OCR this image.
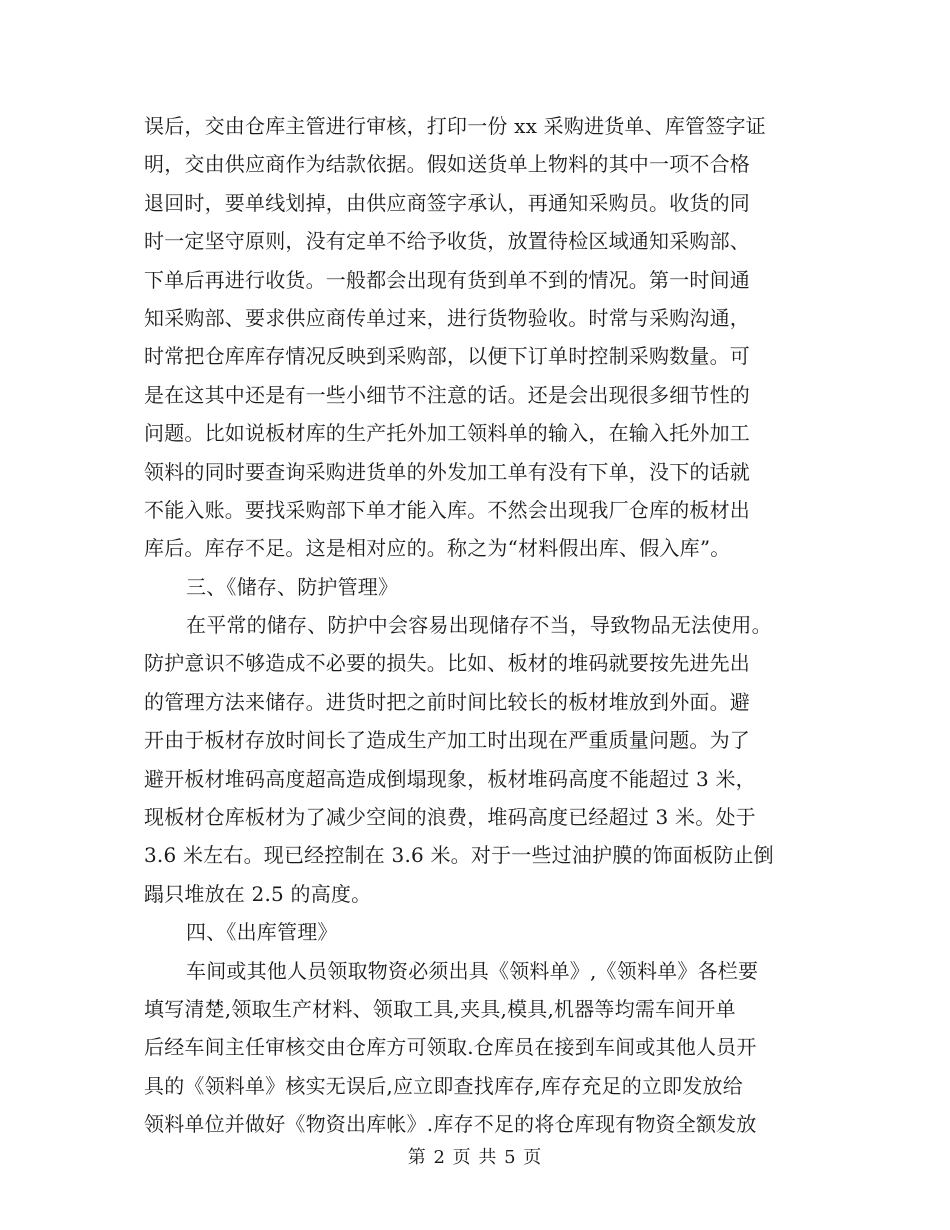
误后，交由仓库主管进行审核，打印一份 xx 采购进货单、库管签字证
明，交由供应商作为结款依据。假如送货单上物料的其中一项不合格
退回时，要单线划掉，由供应商签字承认，再通知采购员。收货的同
时一定坚守原则，没有定单不给予收货，放置待检区域通知采购部、
下单后再进行收货。一般都会出现有货到单不到的情况。第一时间通
知采购部、要求供应商传单过来，进行货物验收。时常与采购沟通，
时常把仓库库存情况反映到采购部，以便下订单时控制采购数量。可
是在这其中还是有一些小细节不注意的话。还是会出现很多细节性的
问题。比如说板材库的生产托外加工领料单的输入，在输入托外加工
领料的同时要查询采购进货单的外发加工单有没有下单，没下的话就
不能入账。要找采购部下单才能入库。不然会出现我厂仓库的板材出
库后。库存不足。这是相对应的。称之为“材料假出库、假入库”。
三、《储存、防护管理》
在平常的储存、防护中会容易出现储存不当，导致物品无法使用。
防护意识不够造成不必要的损失。比如、板材的堆码就要按先进先出
的管理方法来储存。进货时把之前时间比较长的板材堆放到外面。避
开由于板材存放时间长了造成生产加工时出现在严重质量问题。为了
避开板材堆码高度超高造成倒塌现象，板材堆码高度不能超过 3 米，
现板材仓库板材为了减少空间的浪费，堆码高度已经超过 3 米。处于
3.6 米左右。现已经控制在 3.6 米。对于一些过油护膜的饰面板防止倒
蹋只堆放在 2.5 的高度。
四、《出库管理》
车间或其他人员领取物资必须出具《领料单》,《领料单》各栏要
填写清楚,领取生产材料、领取工具,夹具,模具,机器等均需车间开单
后经车间主任审核交由仓库方可领取.仓库员在接到车间或其他人员开
具的《领料单》核实无误后,应立即查找库存,库存充足的立即发放给
领料单位并做好《物资出库帐》.库存不足的将仓库现有物资全额发放
第 2 页 共 5 页
